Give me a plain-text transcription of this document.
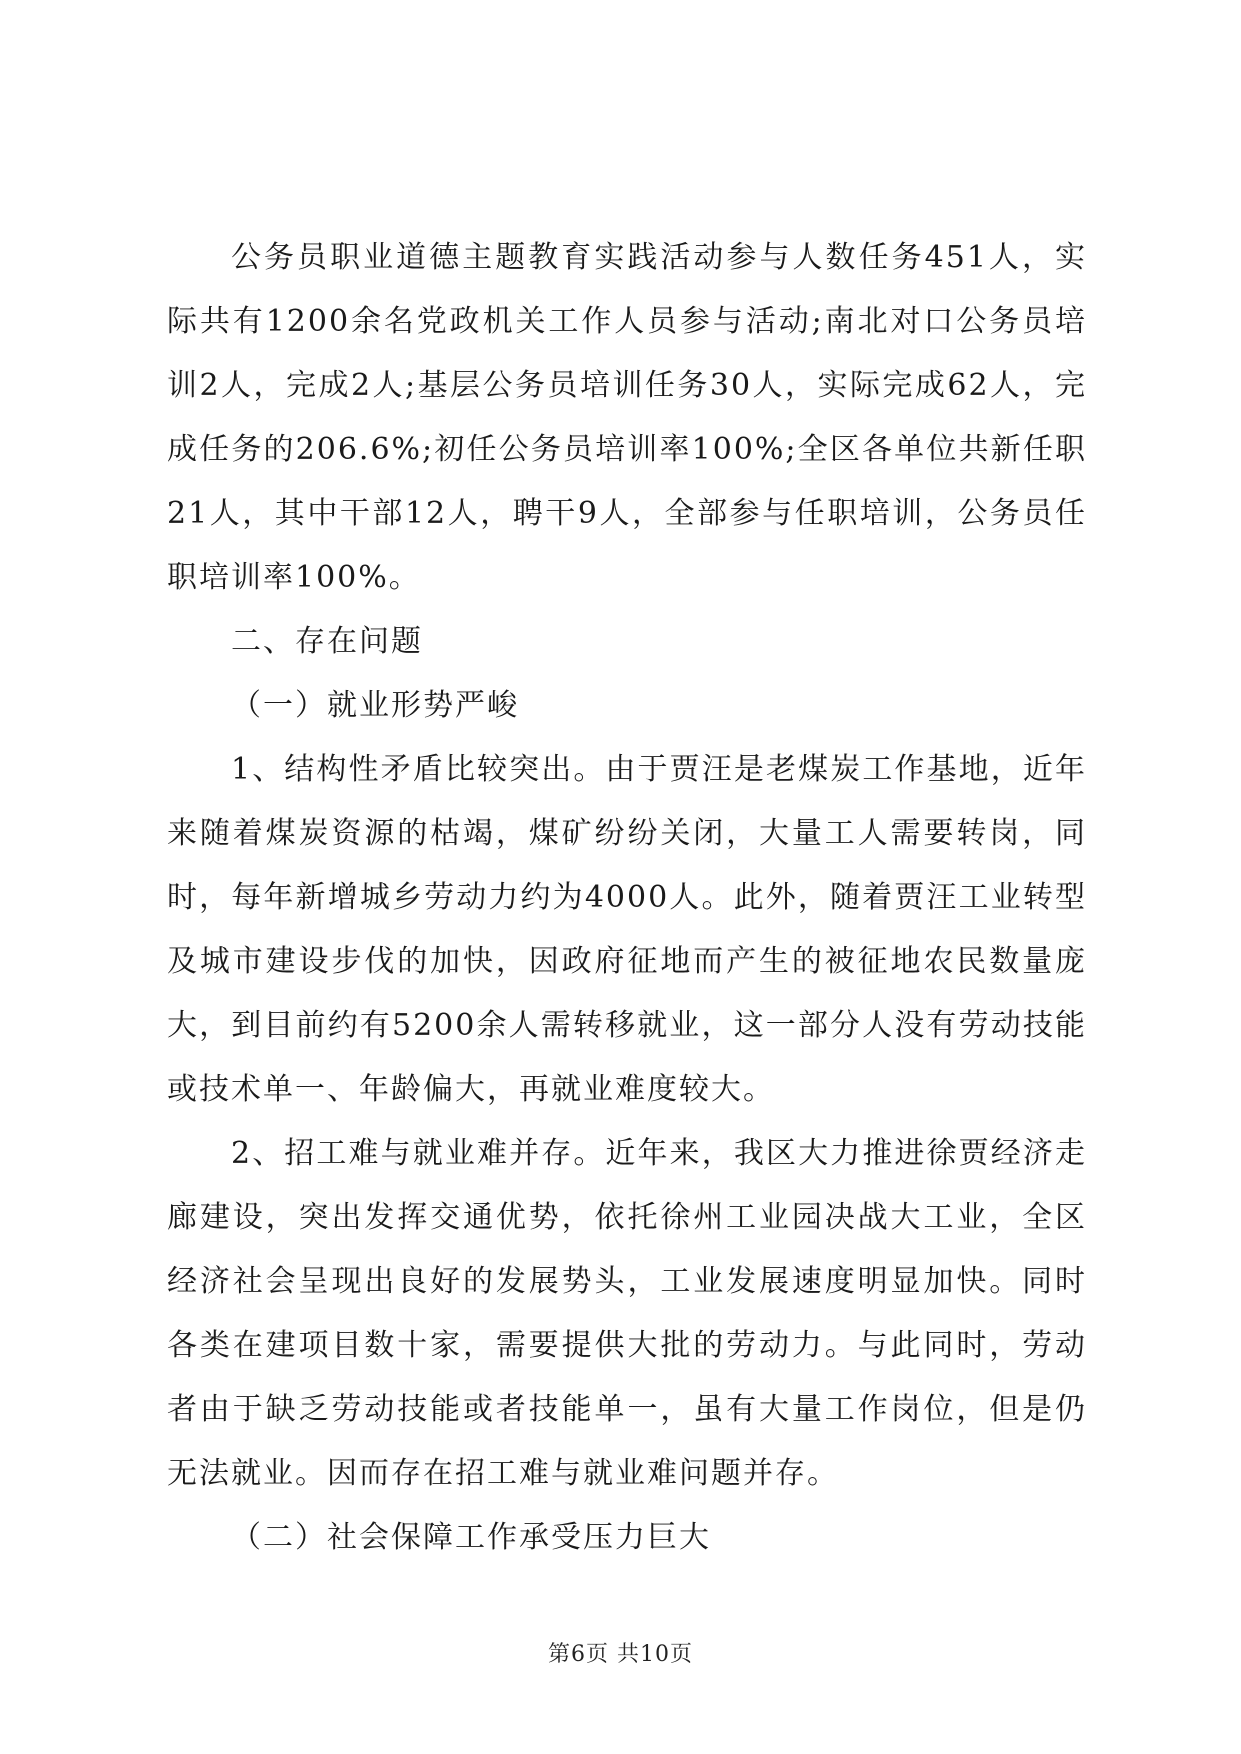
公务员职业道德主题教育实践活动参与人数任务451人，实际共有1200余名党政机关工作人员参与活动;南北对口公务员培训2人，完成2人;基层公务员培训任务30人，实际完成62人，完成任务的206.6%;初任公务员培训率100%;全区各单位共新任职21人，其中干部12人，聘干9人，全部参与任职培训，公务员任职培训率100%。

二、存在问题

（一）就业形势严峻

1、结构性矛盾比较突出。由于贾汪是老煤炭工作基地，近年来随着煤炭资源的枯竭，煤矿纷纷关闭，大量工人需要转岗，同时，每年新增城乡劳动力约为4000人。此外，随着贾汪工业转型及城市建设步伐的加快，因政府征地而产生的被征地农民数量庞大，到目前约有5200余人需转移就业，这一部分人没有劳动技能或技术单一、年龄偏大，再就业难度较大。

2、招工难与就业难并存。近年来，我区大力推进徐贾经济走廊建设，突出发挥交通优势，依托徐州工业园决战大工业，全区经济社会呈现出良好的发展势头，工业发展速度明显加快。同时各类在建项目数十家，需要提供大批的劳动力。与此同时，劳动者由于缺乏劳动技能或者技能单一，虽有大量工作岗位，但是仍无法就业。因而存在招工难与就业难问题并存。

（二）社会保障工作承受压力巨大

第6页 共10页
